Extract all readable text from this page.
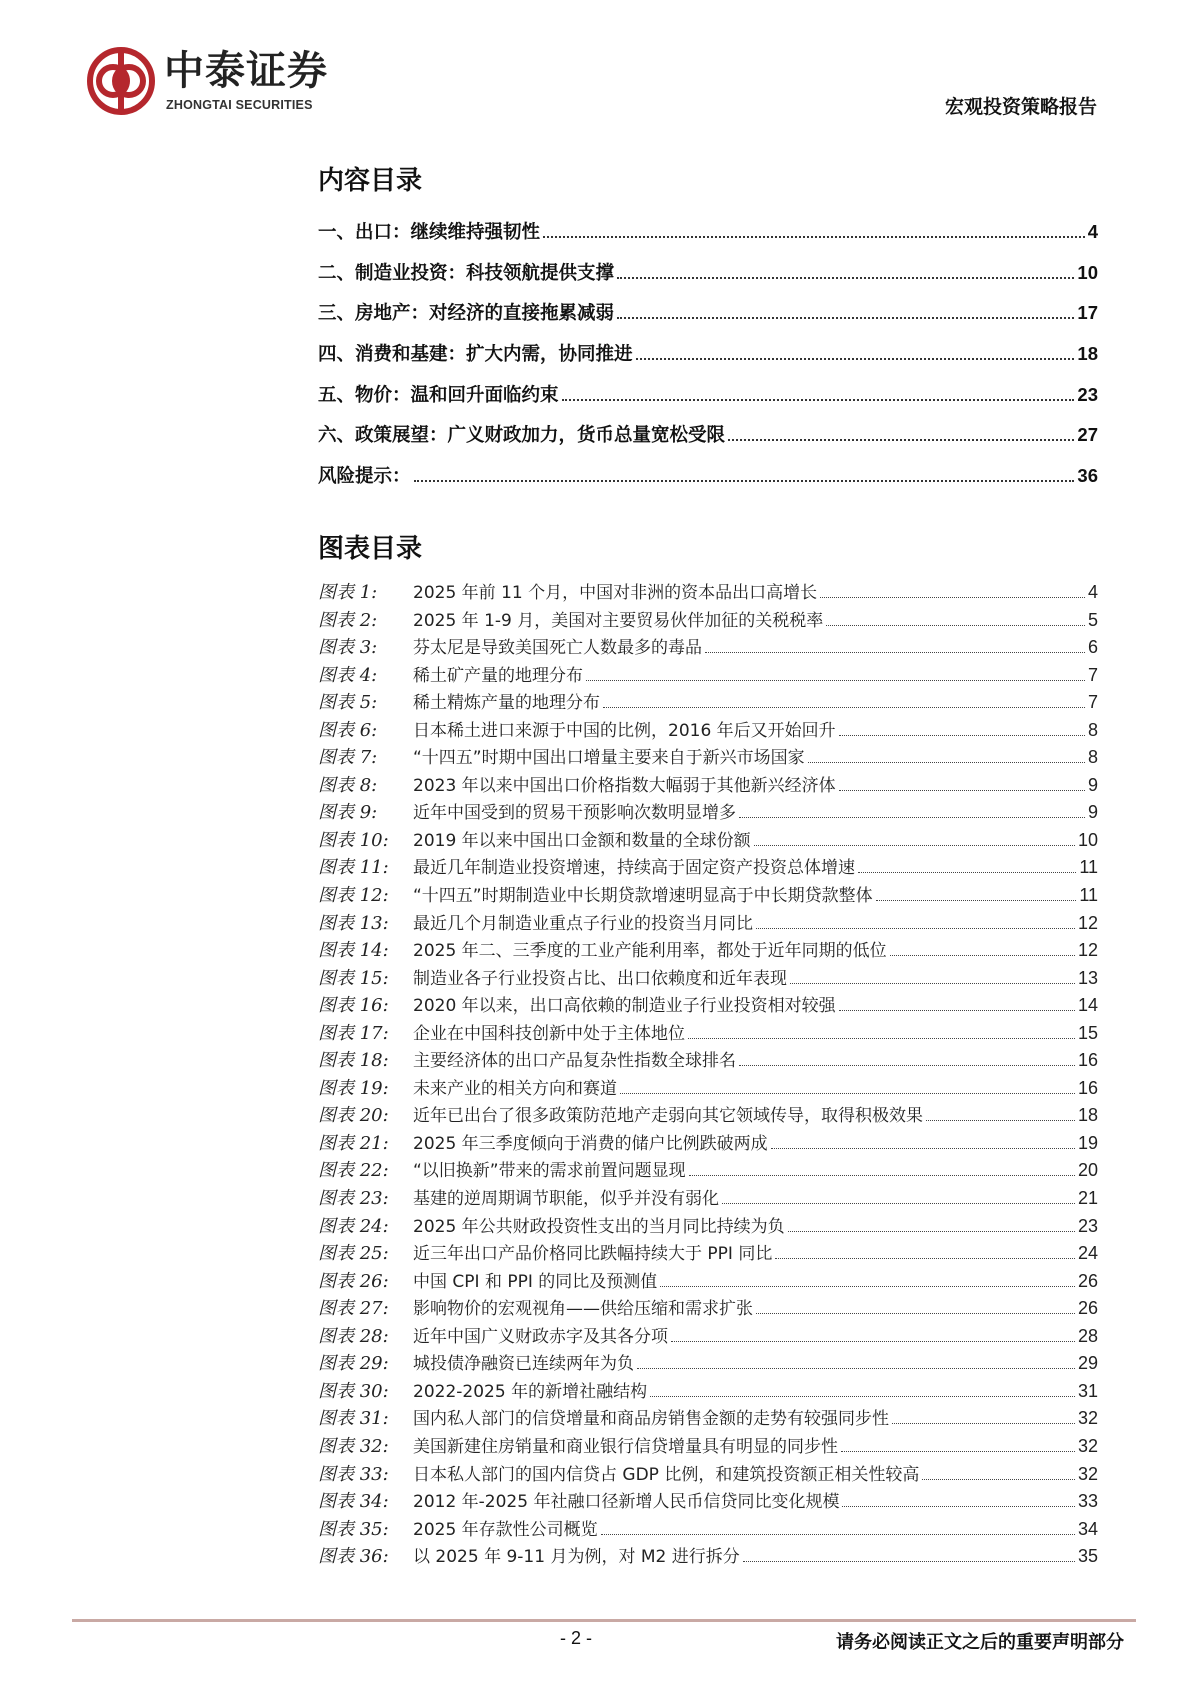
中泰证券
ZHONGTAI SECURITIES	宏观投资策略报告
内容目录
一、出口：继续维持强韧性	4
二、制造业投资：科技领航提供支撑	10
三、房地产：对经济的直接拖累减弱	17
四、消费和基建：扩大内需，协同推进	18
五、物价：温和回升面临约束	23
六、政策展望：广义财政加力，货币总量宽松受限	27
风险提示：	36
图表目录
图表 1:	2025 年前 11 个月，中国对非洲的资本品出口高增长	4
图表 2:	2025 年 1-9 月，美国对主要贸易伙伴加征的关税税率	5
图表 3:	芬太尼是导致美国死亡人数最多的毒品	6
图表 4:	稀土矿产量的地理分布	7
图表 5:	稀土精炼产量的地理分布	7
图表 6:	日本稀土进口来源于中国的比例，2016 年后又开始回升	8
图表 7:	“十四五”时期中国出口增量主要来自于新兴市场国家	8
图表 8:	2023 年以来中国出口价格指数大幅弱于其他新兴经济体	9
图表 9:	近年中国受到的贸易干预影响次数明显增多	9
图表 10:	2019 年以来中国出口金额和数量的全球份额	10
图表 11:	最近几年制造业投资增速，持续高于固定资产投资总体增速	11
图表 12:	“十四五”时期制造业中长期贷款增速明显高于中长期贷款整体	11
图表 13:	最近几个月制造业重点子行业的投资当月同比	12
图表 14:	2025 年二、三季度的工业产能利用率，都处于近年同期的低位	12
图表 15:	制造业各子行业投资占比、出口依赖度和近年表现	13
图表 16:	2020 年以来，出口高依赖的制造业子行业投资相对较强	14
图表 17:	企业在中国科技创新中处于主体地位	15
图表 18:	主要经济体的出口产品复杂性指数全球排名	16
图表 19:	未来产业的相关方向和赛道	16
图表 20:	近年已出台了很多政策防范地产走弱向其它领域传导，取得积极效果	18
图表 21:	2025 年三季度倾向于消费的储户比例跌破两成	19
图表 22:	“以旧换新”带来的需求前置问题显现	20
图表 23:	基建的逆周期调节职能，似乎并没有弱化	21
图表 24:	2025 年公共财政投资性支出的当月同比持续为负	23
图表 25:	近三年出口产品价格同比跌幅持续大于 PPI 同比	24
图表 26:	中国 CPI 和 PPI 的同比及预测值	26
图表 27:	影响物价的宏观视角——供给压缩和需求扩张	26
图表 28:	近年中国广义财政赤字及其各分项	28
图表 29:	城投债净融资已连续两年为负	29
图表 30:	2022-2025 年的新增社融结构	31
图表 31:	国内私人部门的信贷增量和商品房销售金额的走势有较强同步性	32
图表 32:	美国新建住房销量和商业银行信贷增量具有明显的同步性	32
图表 33:	日本私人部门的国内信贷占 GDP 比例，和建筑投资额正相关性较高	32
图表 34:	2012 年-2025 年社融口径新增人民币信贷同比变化规模	33
图表 35:	2025 年存款性公司概览	34
图表 36:	以 2025 年 9-11 月为例，对 M2 进行拆分	35
- 2 -	请务必阅读正文之后的重要声明部分
